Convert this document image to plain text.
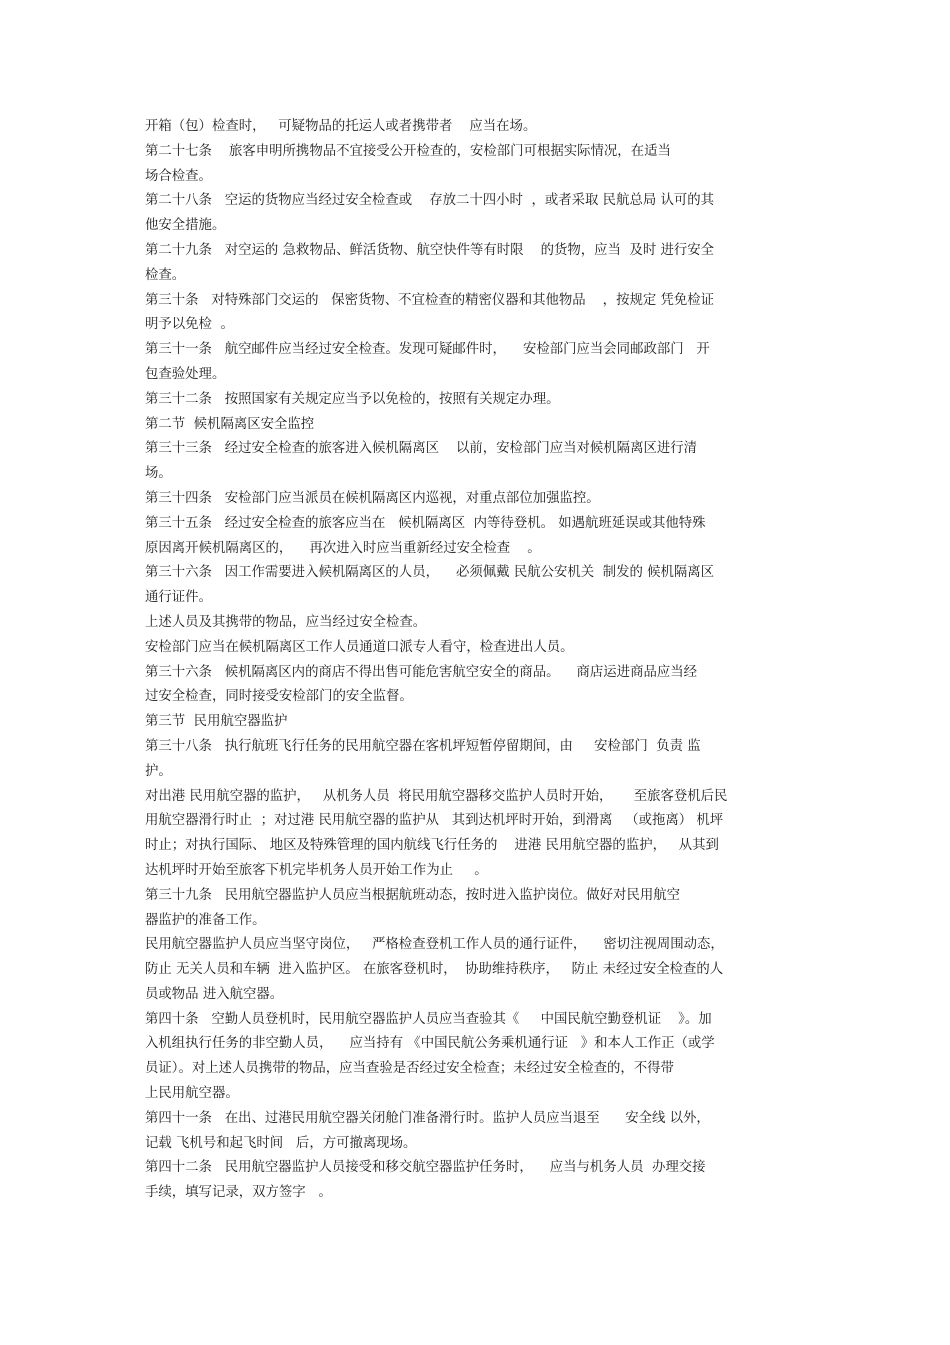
开箱（包）检查时，   可疑物品的托运人或者携带者    应当在场。
第二十七条    旅客申明所携物品不宜接受公开检查的，安检部门可根据实际情况，在适当
场合检查。
第二十八条   空运的货物应当经过安全检查或    存放二十四小时  ，或者采取 民航总局 认可的其
他安全措施。
第二十九条   对空运的 急救物品、鲜活货物、航空快件等有时限    的货物，应当  及时 进行安全
检查。
第三十条   对特殊部门交运的   保密货物、不宜检查的精密仪器和其他物品    ，按规定 凭免检证
明予以免检  。
第三十一条   航空邮件应当经过安全检查。发现可疑邮件时，    安检部门应当会同邮政部门   开
包查验处理。
第三十二条   按照国家有关规定应当予以免检的，按照有关规定办理。
第二节  候机隔离区安全监控
第三十三条   经过安全检查的旅客进入候机隔离区    以前，安检部门应当对候机隔离区进行清
场。
第三十四条   安检部门应当派员在候机隔离区内巡视，对重点部位加强监控。
第三十五条   经过安全检查的旅客应当在   候机隔离区  内等待登机。 如遇航班延误或其他特殊
原因离开候机隔离区的，    再次进入时应当重新经过安全检查    。
第三十六条   因工作需要进入候机隔离区的人员，    必须佩戴 民航公安机关  制发的 候机隔离区
通行证件。
上述人员及其携带的物品，应当经过安全检查。
安检部门应当在候机隔离区工作人员通道口派专人看守，检查进出人员。
第三十六条   候机隔离区内的商店不得出售可能危害航空安全的商品。    商店运进商品应当经
过安全检查，同时接受安检部门的安全监督。
第三节  民用航空器监护
第三十八条   执行航班飞行任务的民用航空器在客机坪短暂停留期间，由     安检部门  负责 监
护。
对出港 民用航空器的监护，   从机务人员  将民用航空器移交监护人员时开始，     至旅客登机后民
用航空器滑行时止  ；对过港 民用航空器的监护从   其到达机坪时开始，到滑离   （或拖离） 机坪
时止；对执行国际、 地区及特殊管理的国内航线飞行任务的    进港 民用航空器的监护，   从其到
达机坪时开始至旅客下机完毕机务人员开始工作为止     。
第三十九条   民用航空器监护人员应当根据航班动态，按时进入监护岗位。做好对民用航空
器监护的准备工作。
民用航空器监护人员应当坚守岗位，   严格检查登机工作人员的通行证件，    密切注视周围动态，
防止 无关人员和车辆  进入监护区。 在旅客登机时，  协助维持秩序，   防止 未经过安全检查的人
员或物品 进入航空器。
第四十条   空勤人员登机时，民用航空器监护人员应当查验其《     中国民航空勤登机证    》。加
入机组执行任务的非空勤人员，    应当持有 《中国民航公务乘机通行证   》和本人工作正（或学
员证）。对上述人员携带的物品，应当查验是否经过安全检查；未经过安全检查的，不得带
上民用航空器。
第四十一条   在出、过港民用航空器关闭舱门准备滑行时。监护人员应当退至      安全线 以外，
记载 飞机号和起飞时间   后，方可撤离现场。
第四十二条   民用航空器监护人员接受和移交航空器监护任务时，    应当与机务人员  办理交接
手续，填写记录，双方签字   。
